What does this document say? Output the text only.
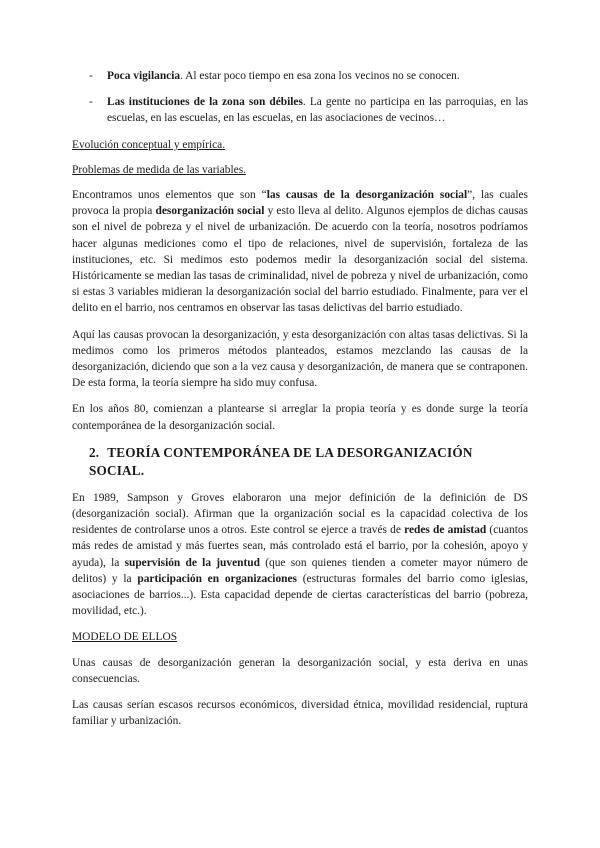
- Poca vigilancia. Al estar poco tiempo en esa zona los vecinos no se conocen.
- Las instituciones de la zona son débiles. La gente no participa en las parroquias, en las escuelas, en las escuelas, en las escuelas, en las asociaciones de vecinos…
Evolución conceptual y empírica.
Problemas de medida de las variables.

Encontramos unos elementos que son “las causas de la desorganización social”, las cuales provoca la propia desorganización social y esto lleva al delito. Algunos ejemplos de dichas causas son el nivel de pobreza y el nivel de urbanización. De acuerdo con la teoría, nosotros podríamos hacer algunas mediciones como el tipo de relaciones, nivel de supervisión, fortaleza de las instituciones, etc. Si medimos esto podemos medir la desorganización social del sistema. Históricamente se median las tasas de criminalidad, nivel de pobreza y nivel de urbanización, como si estas 3 variables midieran la desorganización social del barrio estudiado. Finalmente, para ver el delito en el barrio, nos centramos en observar las tasas delictivas del barrio estudiado.

Aquí las causas provocan la desorganización, y esta desorganización con altas tasas delictivas. Si la medimos como los primeros métodos planteados, estamos mezclando las causas de la desorganización, diciendo que son a la vez causa y desorganización, de manera que se contraponen. De esta forma, la teoría siempre ha sido muy confusa.

En los años 80, comienzan a plantearse si arreglar la propia teoría y es donde surge la teoría contemporánea de la desorganización social.

2. TEORÍA CONTEMPORÁNEA DE LA DESORGANIZACIÓN SOCIAL.

En 1989, Sampson y Groves elaboraron una mejor definición de la definición de DS (desorganización social). Afirman que la organización social es la capacidad colectiva de los residentes de controlarse unos a otros. Este control se ejerce a través de redes de amistad (cuantos más redes de amistad y más fuertes sean, más controlado está el barrio, por la cohesión, apoyo y ayuda), la supervisión de la juventud (que son quienes tienden a cometer mayor número de delitos) y la participación en organizaciones (estructuras formales del barrio como iglesias, asociaciones de barrios...). Esta capacidad depende de ciertas características del barrio (pobreza, movilidad, etc.).

MODELO DE ELLOS

Unas causas de desorganización generan la desorganización social, y esta deriva en unas consecuencias.

Las causas serían escasos recursos económicos, diversidad étnica, movilidad residencial, ruptura familiar y urbanización.
